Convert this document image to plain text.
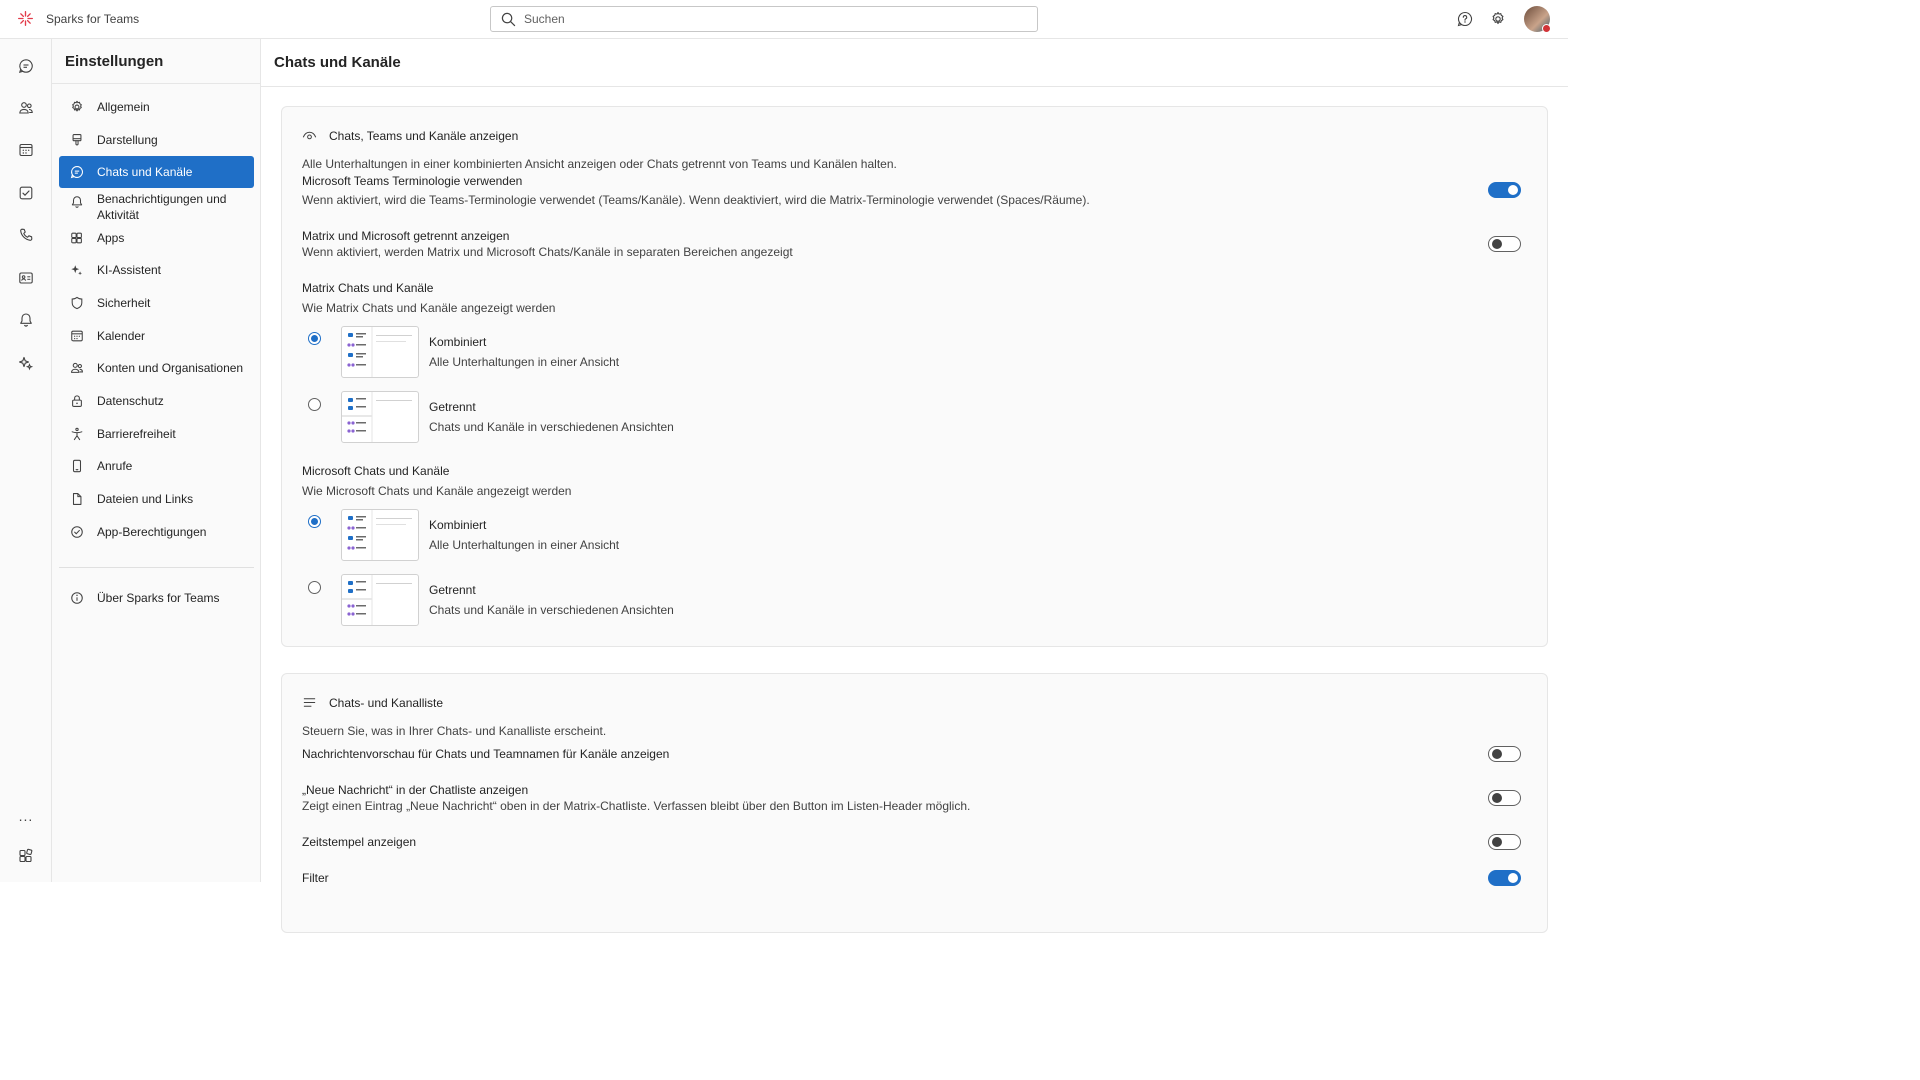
Sparks for Teams
Suchen
...
Einstellungen
Allgemein
Darstellung
Chats und Kanäle
Benachrichtigungen und Aktivität
Apps
KI-Assistent
Sicherheit
Kalender
Konten und Organisationen
Datenschutz
Barrierefreiheit
Anrufe
Dateien und Links
App-Berechtigungen
Über Sparks for Teams
Chats und Kanäle
Chats, Teams und Kanäle anzeigen
Alle Unterhaltungen in einer kombinierten Ansicht anzeigen oder Chats getrennt von Teams und Kanälen halten.
Microsoft Teams Terminologie verwenden
Wenn aktiviert, wird die Teams-Terminologie verwendet (Teams/Kanäle). Wenn deaktiviert, wird die Matrix-Terminologie verwendet (Spaces/Räume).
Matrix und Microsoft getrennt anzeigen
Wenn aktiviert, werden Matrix und Microsoft Chats/Kanäle in separaten Bereichen angezeigt
Matrix Chats und Kanäle
Wie Matrix Chats und Kanäle angezeigt werden
Kombiniert
Alle Unterhaltungen in einer Ansicht
Getrennt
Chats und Kanäle in verschiedenen Ansichten
Microsoft Chats und Kanäle
Wie Microsoft Chats und Kanäle angezeigt werden
Kombiniert
Alle Unterhaltungen in einer Ansicht
Getrennt
Chats und Kanäle in verschiedenen Ansichten
Chats- und Kanalliste
Steuern Sie, was in Ihrer Chats- und Kanalliste erscheint.
Nachrichtenvorschau für Chats und Teamnamen für Kanäle anzeigen
„Neue Nachricht“ in der Chatliste anzeigen
Zeigt einen Eintrag „Neue Nachricht“ oben in der Matrix-Chatliste. Verfassen bleibt über den Button im Listen-Header möglich.
Zeitstempel anzeigen
Filter
